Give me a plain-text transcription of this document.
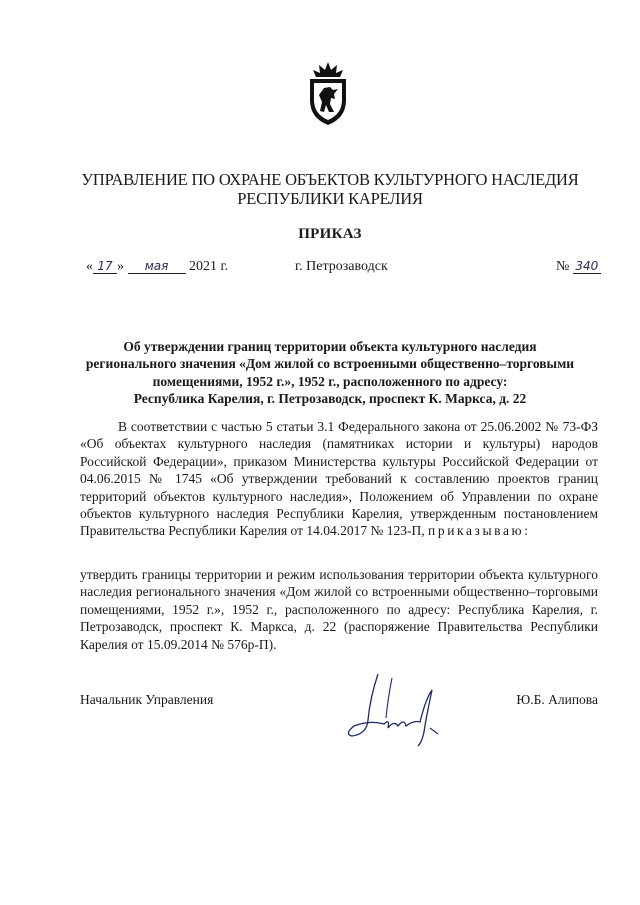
УПРАВЛЕНИЕ ПО ОХРАНЕ ОБЪЕКТОВ КУЛЬТУРНОГО НАСЛЕДИЯ
РЕСПУБЛИКИ КАРЕЛИЯ
ПРИКАЗ
« 17 » мая 2021 г.	г. Петрозаводск	№ 340
Об утверждении границ территории объекта культурного наследия
регионального значения «Дом жилой со встроенными общественно–торговыми
помещениями, 1952 г.», 1952 г., расположенного по адресу:
Республика Карелия, г. Петрозаводск, проспект К. Маркса, д. 22

В соответствии с частью 5 статьи 3.1 Федерального закона от 25.06.2002 № 73-ФЗ «Об объектах культурного наследия (памятниках истории и культуры) народов Российской Федерации», приказом Министерства культуры Российской Федерации от 04.06.2015 № 1745 «Об утверждении требований к составлению проектов границ территорий объектов культурного наследия», Положением об Управлении по охране объектов культурного наследия Республики Карелия, утвержденным постановлением Правительства Республики Карелия от 14.04.2017 № 123-П, приказываю:

утвердить границы территории и режим использования территории объекта культурного наследия регионального значения «Дом жилой со встроенными общественно–торговыми помещениями, 1952 г.», 1952 г., расположенного по адресу: Республика Карелия, г. Петрозаводск, проспект К. Маркса, д. 22 (распоряжение Правительства Республики Карелия от 15.09.2014 № 576р-П).

Начальник Управления	Ю.Б. Алипова
